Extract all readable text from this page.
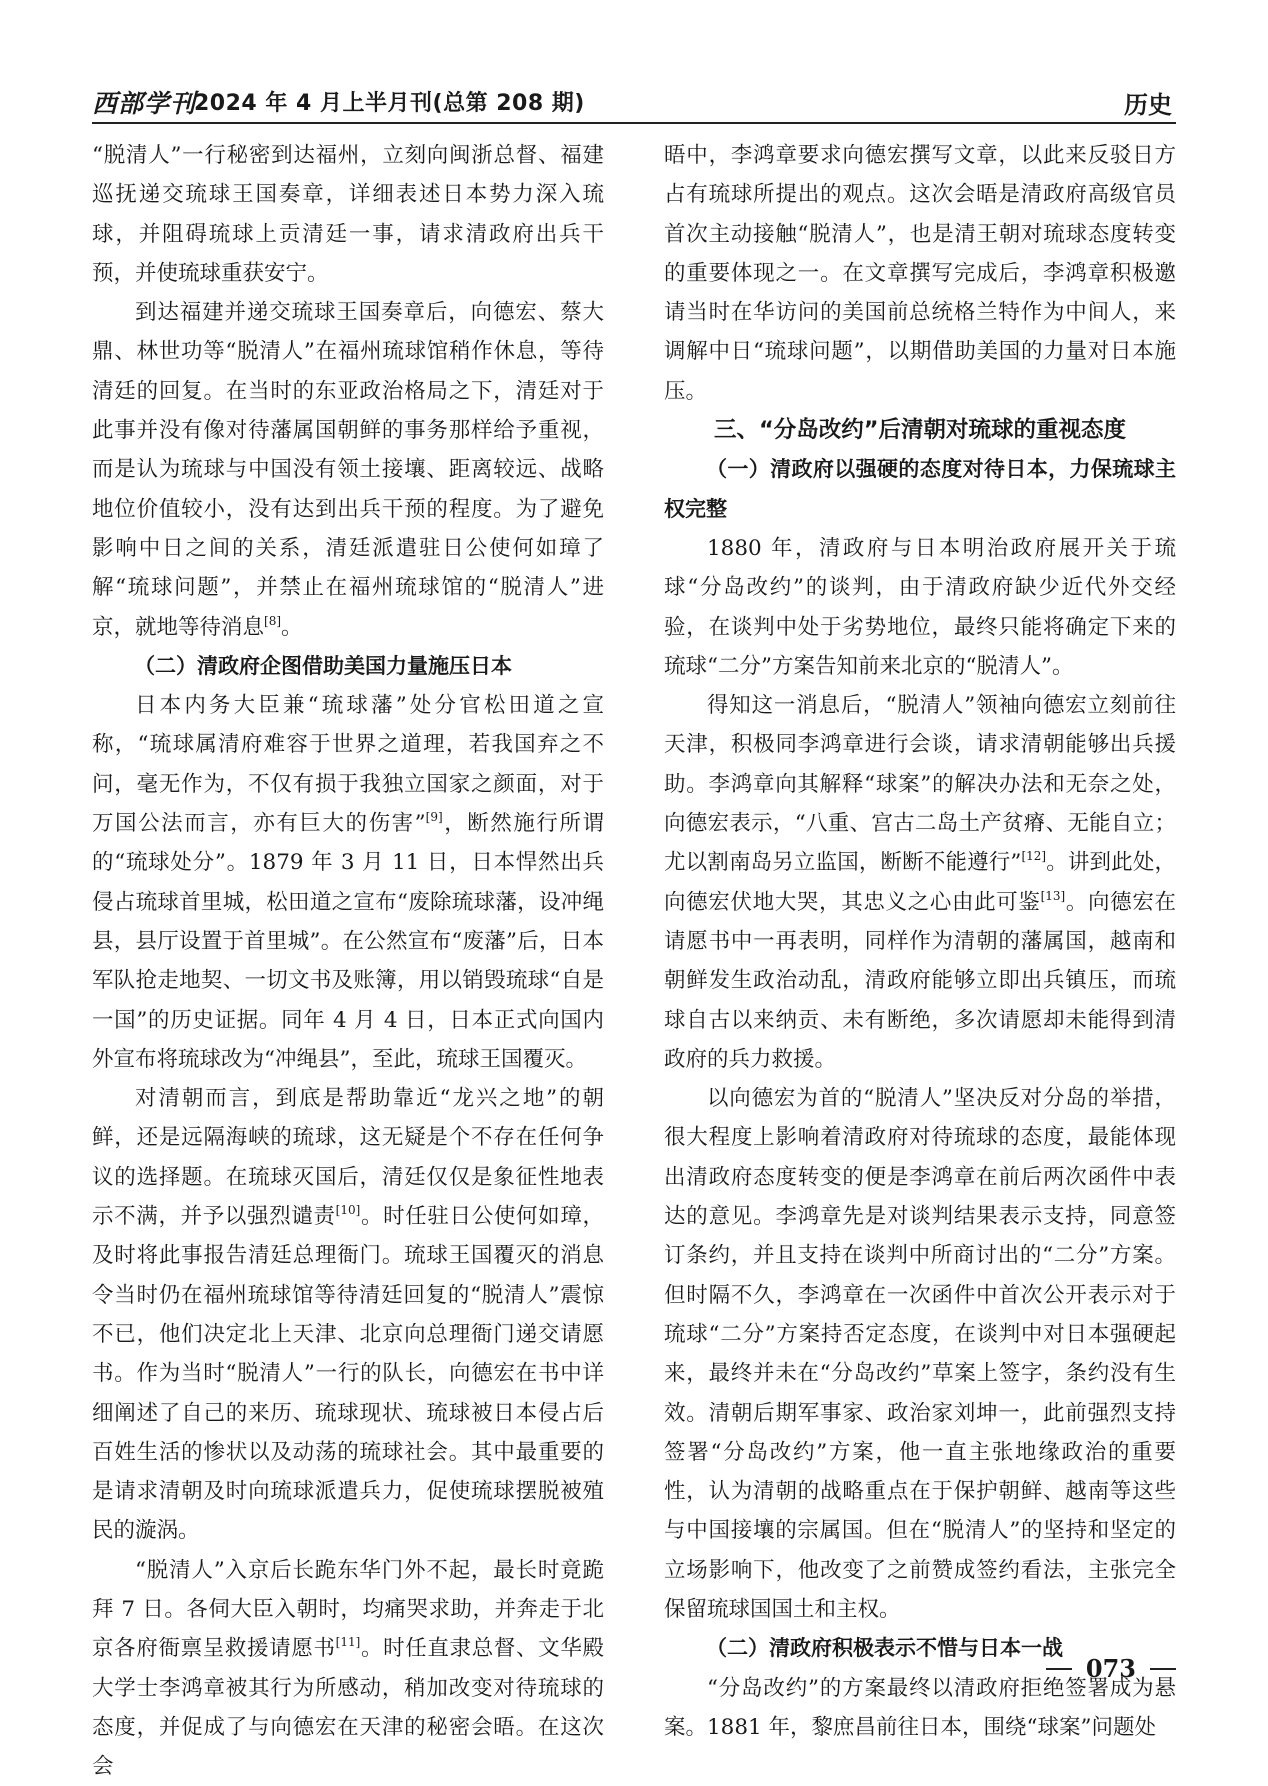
西部学刊
2024 年 4 月上半月刊(总第 208 期)	历史

“脱清人”一行秘密到达福州，立刻向闽浙总督、福建巡抚递交琉球王国奏章，详细表述日本势力深入琉球，并阻碍琉球上贡清廷一事，请求清政府出兵干预，并使琉球重获安宁。

到达福建并递交琉球王国奏章后，向德宏、蔡大鼎、林世功等“脱清人”在福州琉球馆稍作休息，等待清廷的回复。在当时的东亚政治格局之下，清廷对于此事并没有像对待藩属国朝鲜的事务那样给予重视，而是认为琉球与中国没有领土接壤、距离较远、战略地位价值较小，没有达到出兵干预的程度。为了避免影响中日之间的关系，清廷派遣驻日公使何如璋了解“琉球问题”，并禁止在福州琉球馆的“脱清人”进京，就地等待消息[8]。

（二）清政府企图借助美国力量施压日本

日本内务大臣兼“琉球藩”处分官松田道之宣称，“琉球属清府难容于世界之道理，若我国弃之不问，毫无作为，不仅有损于我独立国家之颜面，对于万国公法而言，亦有巨大的伤害”[9]，断然施行所谓的“琉球处分”。1879 年 3 月 11 日，日本悍然出兵侵占琉球首里城，松田道之宣布“废除琉球藩，设冲绳县，县厅设置于首里城”。在公然宣布“废藩”后，日本军队抢走地契、一切文书及账簿，用以销毁琉球“自是一国”的历史证据。同年 4 月 4 日，日本正式向国内外宣布将琉球改为“冲绳县”，至此，琉球王国覆灭。

对清朝而言，到底是帮助靠近“龙兴之地”的朝鲜，还是远隔海峡的琉球，这无疑是个不存在任何争议的选择题。在琉球灭国后，清廷仅仅是象征性地表示不满，并予以强烈谴责[10]。时任驻日公使何如璋，及时将此事报告清廷总理衙门。琉球王国覆灭的消息令当时仍在福州琉球馆等待清廷回复的“脱清人”震惊不已，他们决定北上天津、北京向总理衙门递交请愿书。作为当时“脱清人”一行的队长，向德宏在书中详细阐述了自己的来历、琉球现状、琉球被日本侵占后百姓生活的惨状以及动荡的琉球社会。其中最重要的是请求清朝及时向琉球派遣兵力，促使琉球摆脱被殖民的漩涡。

“脱清人”入京后长跪东华门外不起，最长时竟跪拜 7 日。各伺大臣入朝时，均痛哭求助，并奔走于北京各府衙禀呈救援请愿书[11]。时任直隶总督、文华殿大学士李鸿章被其行为所感动，稍加改变对待琉球的态度，并促成了与向德宏在天津的秘密会晤。在这次会

晤中，李鸿章要求向德宏撰写文章，以此来反驳日方占有琉球所提出的观点。这次会晤是清政府高级官员首次主动接触“脱清人”，也是清王朝对琉球态度转变的重要体现之一。在文章撰写完成后，李鸿章积极邀请当时在华访问的美国前总统格兰特作为中间人，来调解中日“琉球问题”，以期借助美国的力量对日本施压。

三、“分岛改约”后清朝对琉球的重视态度
（一）清政府以强硬的态度对待日本，力保琉球主权完整

1880 年，清政府与日本明治政府展开关于琉球“分岛改约”的谈判，由于清政府缺少近代外交经验，在谈判中处于劣势地位，最终只能将确定下来的琉球“二分”方案告知前来北京的“脱清人”。

得知这一消息后，“脱清人”领袖向德宏立刻前往天津，积极同李鸿章进行会谈，请求清朝能够出兵援助。李鸿章向其解释“球案”的解决办法和无奈之处，向德宏表示，“八重、宫古二岛土产贫瘠、无能自立；尤以割南岛另立监国，断断不能遵行”[12]。讲到此处，向德宏伏地大哭，其忠义之心由此可鉴[13]。向德宏在请愿书中一再表明，同样作为清朝的藩属国，越南和朝鲜发生政治动乱，清政府能够立即出兵镇压，而琉球自古以来纳贡、未有断绝，多次请愿却未能得到清政府的兵力救援。

以向德宏为首的“脱清人”坚决反对分岛的举措，很大程度上影响着清政府对待琉球的态度，最能体现出清政府态度转变的便是李鸿章在前后两次函件中表达的意见。李鸿章先是对谈判结果表示支持，同意签订条约，并且支持在谈判中所商讨出的“二分”方案。但时隔不久，李鸿章在一次函件中首次公开表示对于琉球“二分”方案持否定态度，在谈判中对日本强硬起来，最终并未在“分岛改约”草案上签字，条约没有生效。清朝后期军事家、政治家刘坤一，此前强烈支持签署“分岛改约”方案，他一直主张地缘政治的重要性，认为清朝的战略重点在于保护朝鲜、越南等这些与中国接壤的宗属国。但在“脱清人”的坚持和坚定的立场影响下，他改变了之前赞成签约看法，主张完全保留琉球国国土和主权。

（二）清政府积极表示不惜与日本一战

“分岛改约”的方案最终以清政府拒绝签署成为悬案。1881 年，黎庶昌前往日本，围绕“球案”问题处

073
